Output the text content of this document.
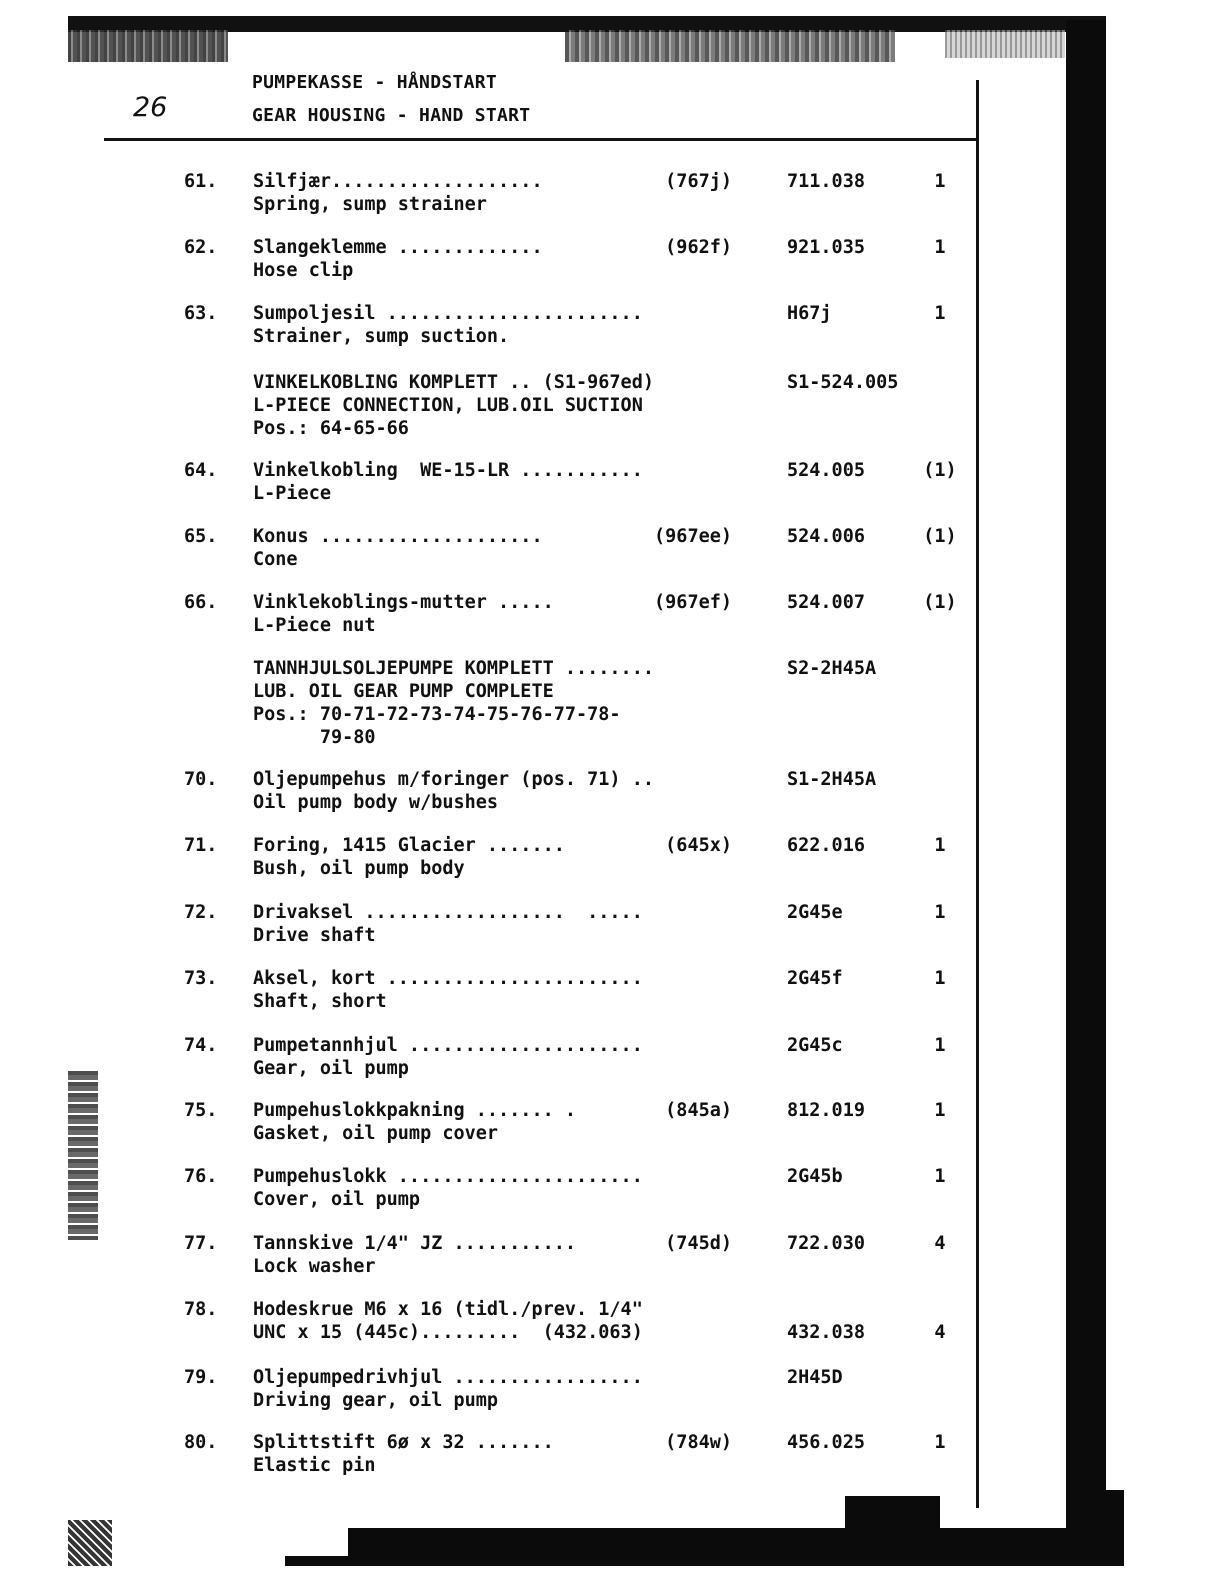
26
PUMPEKASSE - HÅNDSTART
GEAR HOUSING - HAND START
61.	Silfjær...................
Spring, sump strainer
(767j)	711.038	1
62.	Slangeklemme .............
Hose clip
(962f)	921.035	1
63.	Sumpoljesil .......................
Strainer, sump suction.
H67j	1
VINKELKOBLING KOMPLETT .. (S1-967ed)
L-PIECE CONNECTION, LUB.OIL SUCTION
Pos.: 64-65-66
S1-524.005
64.	Vinkelkobling  WE-15-LR ...........
L-Piece
524.005	(1)
65.	Konus ....................
Cone
(967ee)	524.006	(1)
66.	Vinklekoblings-mutter .....
L-Piece nut
(967ef)	524.007	(1)
TANNHJULSOLJEPUMPE KOMPLETT ........
LUB. OIL GEAR PUMP COMPLETE
Pos.: 70-71-72-73-74-75-76-77-78-
79-80
S2-2H45A
70.	Oljepumpehus m/foringer (pos. 71) ..
Oil pump body w/bushes
S1-2H45A
71.	Foring, 1415 Glacier .......
Bush, oil pump body
(645x)	622.016	1
72.	Drivaksel ..................  .....
Drive shaft
2G45e	1
73.	Aksel, kort .......................
Shaft, short
2G45f	1
74.	Pumpetannhjul .....................
Gear, oil pump
2G45c	1
75.	Pumpehuslokkpakning ....... .
Gasket, oil pump cover
(845a)	812.019	1
76.	Pumpehuslokk ......................
Cover, oil pump
2G45b	1
77.	Tannskive 1/4" JZ ...........
Lock washer
(745d)	722.030	4
78.	Hodeskrue M6 x 16 (tidl./prev. 1/4"
UNC x 15 (445c).........  (432.063)	432.038	4
79.	Oljepumpedrivhjul .................
Driving gear, oil pump
2H45D
80.	Splittstift 6ø x 32 .......
Elastic pin
(784w)	456.025	1
